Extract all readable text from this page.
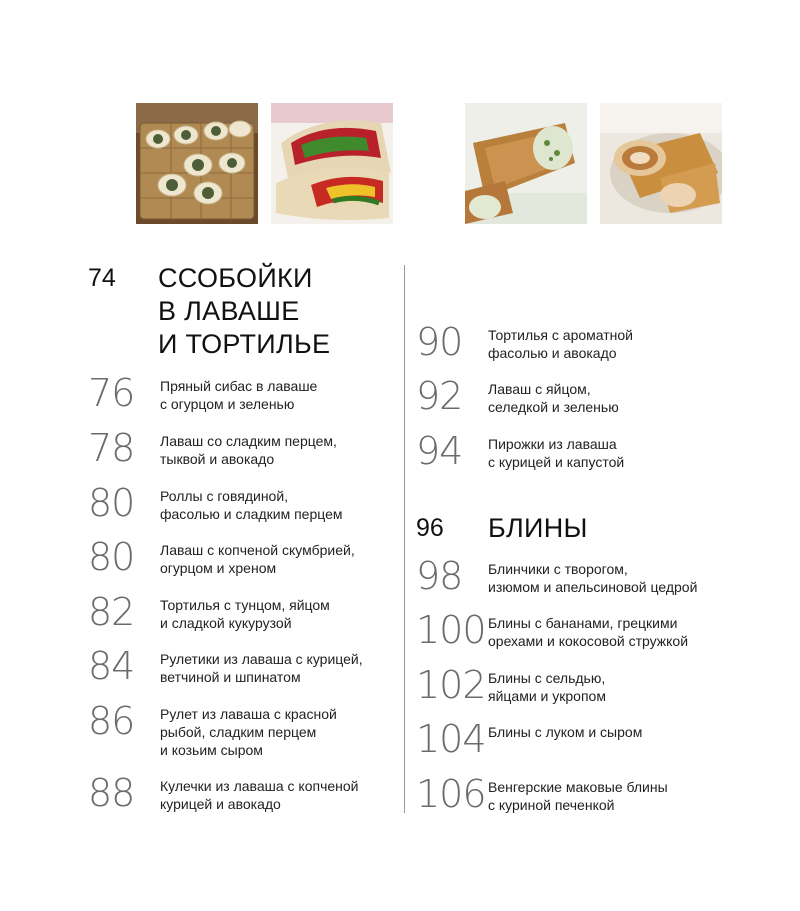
74 ССОБОЙКИ
В ЛАВАШЕ
И ТОРТИЛЬЕ
76 Пряный сибас в лаваше
с огурцом и зеленью
78 Лаваш со сладким перцем,
тыквой и авокадо
80 Роллы с говядиной,
фасолью и сладким перцем
80 Лаваш с копченой скумбрией,
огурцом и хреном
82 Тортилья с тунцом, яйцом
и сладкой кукурузой
84 Рулетики из лаваша с курицей,
ветчиной и шпинатом
86 Рулет из лаваша с красной
рыбой, сладким перцем
и козьим сыром
88 Кулечки из лаваша с копченой
курицей и авокадо
90 Тортилья с ароматной
фасолью и авокадо
92 Лаваш с яйцом,
селедкой и зеленью
94 Пирожки из лаваша
с курицей и капустой
96 БЛИНЫ
98 Блинчики с творогом,
изюмом и апельсиновой цедрой
100 Блины с бананами, грецкими
орехами и кокосовой стружкой
102 Блины с сельдью,
яйцами и укропом
104 Блины с луком и сыром
106 Венгерские маковые блины
с куриной печенкой
